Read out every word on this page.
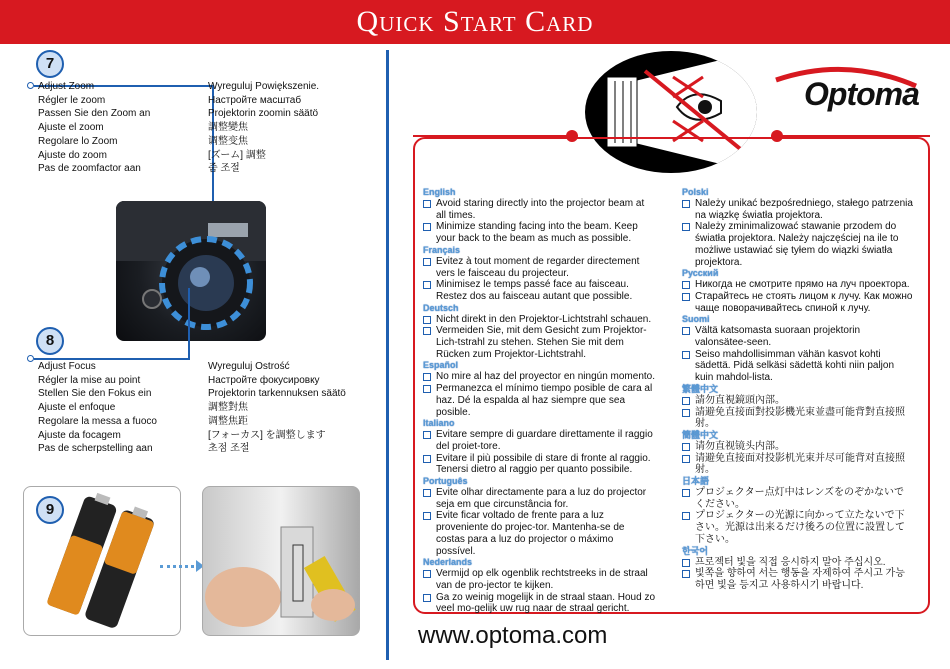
Quick Start Card
7
Adjust Zoom
Régler le zoom
Passen Sie den Zoom an
Ajuste el zoom
Regolare lo Zoom
Ajuste do zoom
Pas de zoomfactor aan
Wyreguluj Powiększenie.
Настройте масштаб
Projektorin zoomin säätö
調整變焦
调整变焦
[ズーム] 調整
줌 조절
8
Adjust Focus
Régler la mise au point
Stellen Sie den Fokus ein
Ajuste el enfoque
Regolare la messa a fuoco
Ajuste da focagem
Pas de scherpstelling aan
Wyreguluj Ostrość
Настройте фокусировку
Projektorin tarkennuksen säätö
調整對焦
调整焦距
[フォーカス] を調整します
초점 조절
9
Optoma
English
Avoid staring directly into the projector beam at all times.
Minimize standing facing into the beam. Keep your back to the beam as much as possible.
Français
Evitez à tout moment de regarder directement vers le faisceau du projecteur.
Minimisez le temps passé face au faisceau. Restez dos au faisceau autant que possible.
Deutsch
Nicht direkt in den Projektor-Lichtstrahl schauen.
Vermeiden Sie, mit dem Gesicht zum Projektor-Lich-tstrahl zu stehen. Stehen Sie mit dem Rücken zum Projektor-Lichtstrahl.
Español
No mire al haz del proyector en ningún momento.
Permanezca el mínimo tiempo posible de cara al haz. Dé la espalda al haz siempre que sea posible.
Italiano
Evitare sempre di guardare direttamente il raggio del proiet-tore.
Evitare il più possibile di stare di fronte al raggio. Tenersi dietro al raggio per quanto possibile.
Português
Evite olhar directamente para a luz do projector seja em que circunstância for.
Evite ficar voltado de frente para a luz proveniente do projec-tor. Mantenha-se de costas para a luz do projector o máximo possível.
Nederlands
Vermijd op elk ogenblik rechtstreeks in de straal van de pro-jector te kijken.
Ga zo weinig mogelijk in de straal staan. Houd zo veel mo-gelijk uw rug naar de straal gericht.
Polski
Należy unikać bezpośredniego, stałego patrzenia na wiązkę światła projektora.
Należy zminimalizować stawanie przodem do światła projektora. Należy najczęściej na ile to możliwe ustawiać się tyłem do wiązki światła projektora.
Русский
Никогда не смотрите прямо на луч проектора.
Старайтесь не стоять лицом к лучу. Как можно чаще поворачивайтесь спиной к лучу.
Suomi
Vältä katsomasta suoraan projektorin valonsätee-seen.
Seiso mahdollisimman vähän kasvot kohti sädettä. Pidä selkäsi sädettä kohti niin paljon kuin mahdol-lista.
繁體中文
請勿直視鏡頭內部。
請避免直接面對投影機光束並盡可能背對直接照射。
簡體中文
请勿直视镜头内部。
请避免直接面对投影机光束并尽可能背对直接照射。
日本語
プロジェクター点灯中はレンズをのぞかないでください。
プロジェクターの光源に向かって立たないで下さい。光源は出来るだけ後ろの位置に設置して下さい。
한국어
프로젝터 빛을 직접 응시하지 말아 주십시오.
빛쪽을 향하여 서는 행동을 자제하여 주시고 가능하면 빛을 등지고 사용하시기 바랍니다.
www.optoma.com
